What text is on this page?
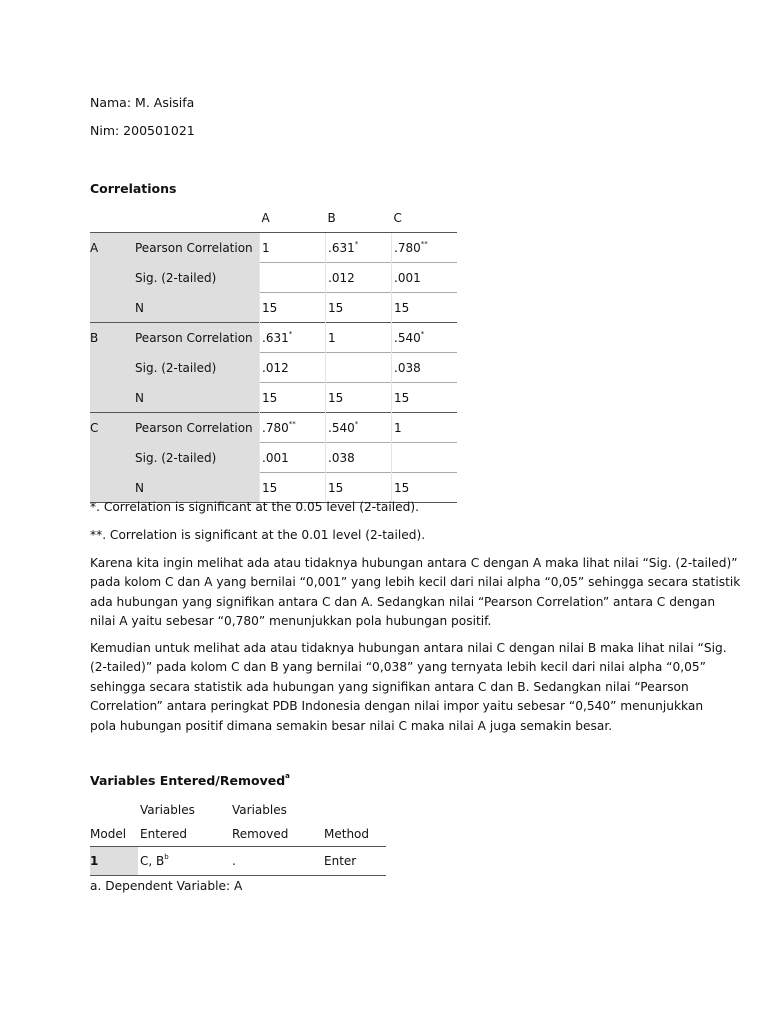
Nama: M. Asisifa
Nim: 200501021
Correlations
		A	B	C
A	Pearson Correlation	1	.631*	.780**
	Sig. (2-tailed)		.012	.001
	N	15	15	15
B	Pearson Correlation	.631*	1	.540*
	Sig. (2-tailed)	.012		.038
	N	15	15	15
C	Pearson Correlation	.780**	.540*	1
	Sig. (2-tailed)	.001	.038	
	N	15	15	15
*. Correlation is significant at the 0.05 level (2-tailed).
**. Correlation is significant at the 0.01 level (2-tailed).
Karena kita ingin melihat ada atau tidaknya hubungan antara C dengan A maka lihat nilai “Sig. (2-tailed)”
pada kolom C dan A yang bernilai “0,001” yang lebih kecil dari nilai alpha “0,05” sehingga secara statistik
ada hubungan yang signifikan antara C dan A. Sedangkan nilai “Pearson Correlation” antara C dengan
nilai A yaitu sebesar “0,780” menunjukkan pola hubungan positif.
Kemudian untuk melihat ada atau tidaknya hubungan antara nilai C dengan nilai B maka lihat nilai “Sig.
(2-tailed)” pada kolom C dan B yang bernilai “0,038” yang ternyata lebih kecil dari nilai alpha “0,05”
sehingga secara statistik ada hubungan yang signifikan antara C dan B. Sedangkan nilai “Pearson
Correlation” antara peringkat PDB Indonesia dengan nilai impor yaitu sebesar “0,540” menunjukkan
pola hubungan positif dimana semakin besar nilai C maka nilai A juga semakin besar.
Variables Entered/Removed$^a$
	Variables	Variables	
Model	Entered	Removed	Method
1	C, $B^b$	.	Enter
a. Dependent Variable: A
